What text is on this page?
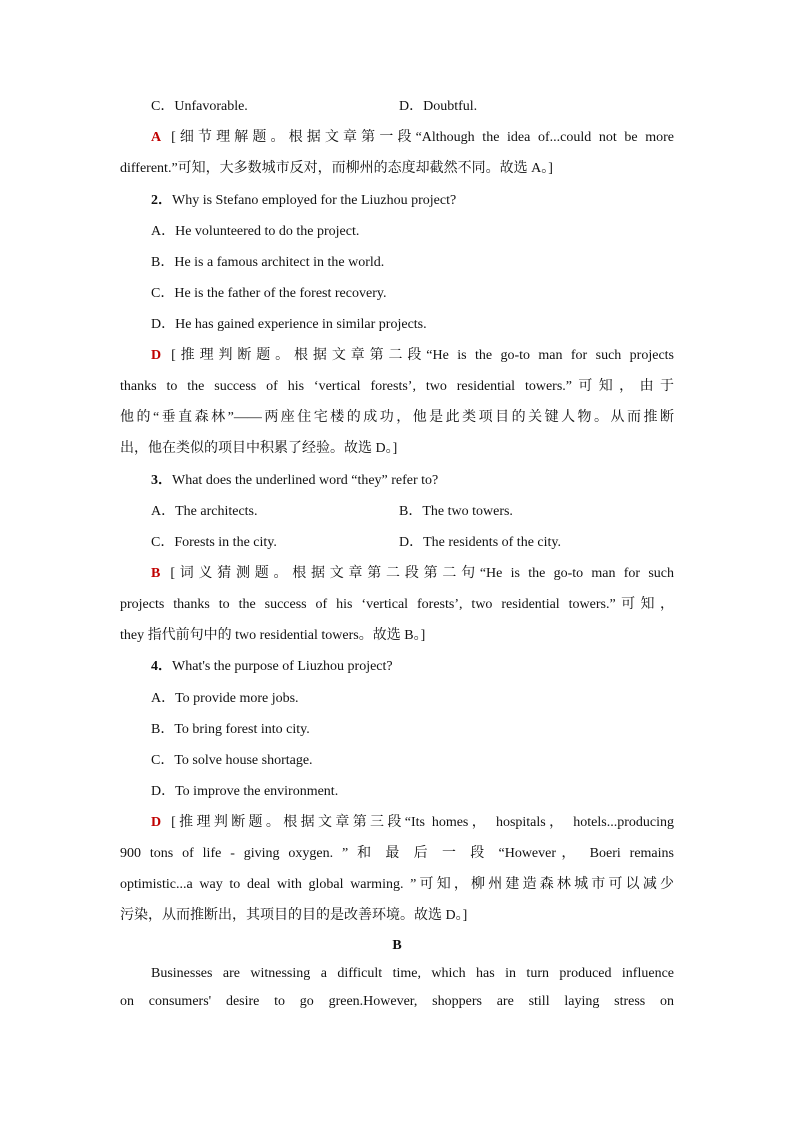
C．Unfavorable.	D．Doubtful.
A [细节理解题。根据文章第一段“Although the idea of...could not be more
different.”可知，大多数城市反对，而柳州的态度却截然不同。故选 A。]
2．Why is Stefano employed for the Liuzhou project?
A．He volunteered to do the project.
B．He is a famous architect in the world.
C．He is the father of the forest recovery.
D．He has gained experience in similar projects.
D [推理判断题。根据文章第二段“He is the go-to man for such projects
thanks to the success of his ‘vertical forests’, two residential towers.”可知，由于
他的“垂直森林”——两座住宅楼的成功，他是此类项目的关键人物。从而推断
出，他在类似的项目中积累了经验。故选 D。]
3．What does the underlined word “they” refer to?
A．The architects.	B．The two towers.
C．Forests in the city.	D．The residents of the city.
B [词义猜测题。根据文章第二段第二句“He is the go-to man for such
projects thanks to the success of his ‘vertical forests’, two residential towers.”可知，
they 指代前句中的 two residential towers。故选 B。]
4．What's the purpose of Liuzhou project?
A．To provide more jobs.
B．To bring forest into city.
C．To solve house shortage.
D．To improve the environment.
D [推理判断题。根据文章第三段“Its homes， hospitals， hotels...producing
900 tons of life - giving oxygen. ” 和 最 后 一 段 “However， Boeri remains
optimistic...a way to deal with global warming. ”可知，柳州建造森林城市可以减少
污染，从而推断出，其项目的目的是改善环境。故选 D。]
B
Businesses are witnessing a difficult time, which has in turn produced influence
on consumers' desire to go green.However, shoppers are still laying stress on
